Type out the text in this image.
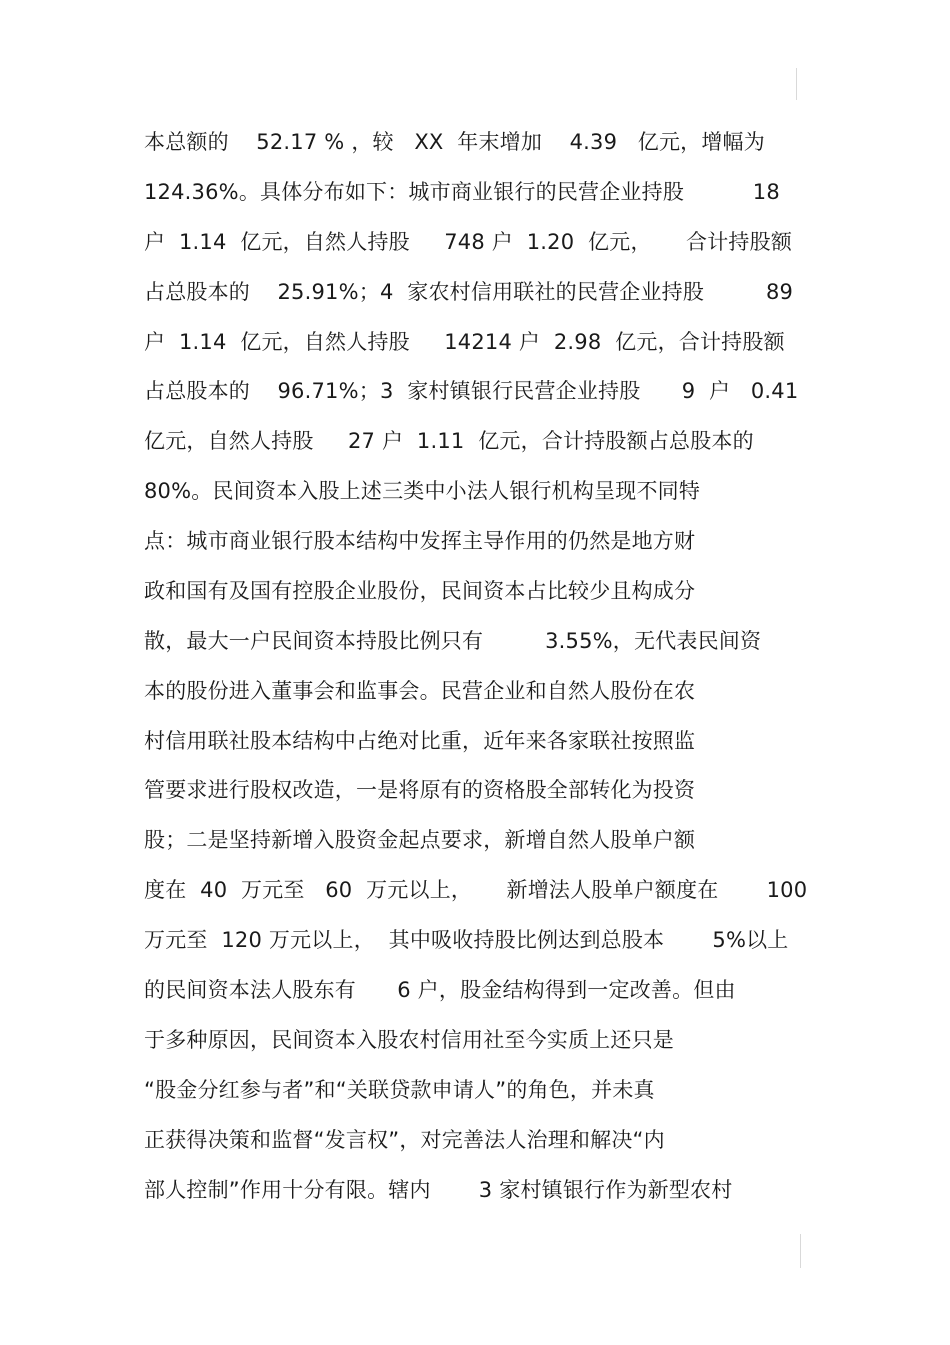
本总额的    52.17 % ，较   XX  年末增加    4.39   亿元，增幅为
124.36%。具体分布如下：城市商业银行的民营企业持股          18
户  1.14  亿元，自然人持股     748 户  1.20  亿元，     合计持股额
占总股本的    25.91%；4  家农村信用联社的民营企业持股         89
户  1.14  亿元，自然人持股     14214 户  2.98  亿元，合计持股额
占总股本的    96.71%；3  家村镇银行民营企业持股      9  户   0.41
亿元，自然人持股     27 户  1.11  亿元，合计持股额占总股本的
80%。民间资本入股上述三类中小法人银行机构呈现不同特
点：城市商业银行股本结构中发挥主导作用的仍然是地方财
政和国有及国有控股企业股份，民间资本占比较少且构成分
散，最大一户民间资本持股比例只有         3.55%，无代表民间资
本的股份进入董事会和监事会。民营企业和自然人股份在农
村信用联社股本结构中占绝对比重，近年来各家联社按照监
管要求进行股权改造，一是将原有的资格股全部转化为投资
股；二是坚持新增入股资金起点要求，新增自然人股单户额
度在  40  万元至   60  万元以上，     新增法人股单户额度在       100
万元至  120 万元以上，  其中吸收持股比例达到总股本       5%以上
的民间资本法人股东有      6 户，股金结构得到一定改善。但由
于多种原因，民间资本入股农村信用社至今实质上还只是
“股金分红参与者”和“关联贷款申请人”的角色，并未真
正获得决策和监督“发言权”，对完善法人治理和解决“内
部人控制”作用十分有限。辖内       3 家村镇银行作为新型农村
